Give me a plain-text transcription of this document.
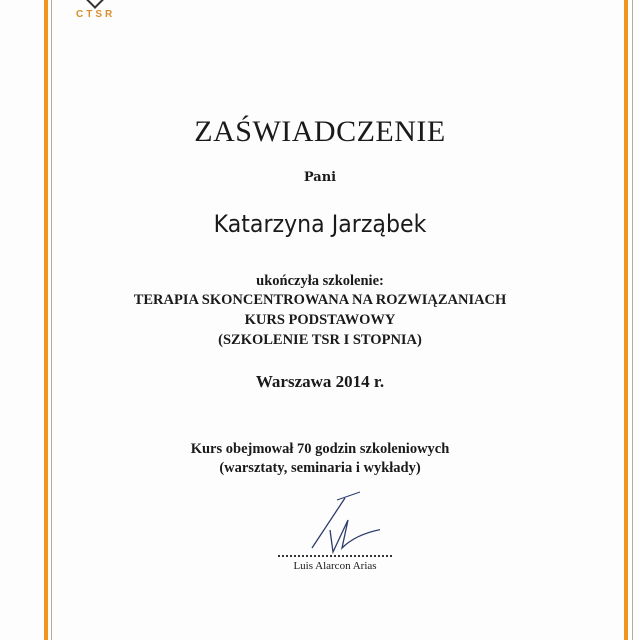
CTSR
ZAŚWIADCZENIE
Pani
Katarzyna Jarząbek
ukończyła szkolenie:
TERAPIA SKONCENTROWANA NA ROZWIĄZANIACH
KURS PODSTAWOWY
(SZKOLENIE TSR I STOPNIA)
Warszawa 2014 r.
Kurs obejmował 70 godzin szkoleniowych
(warsztaty, seminaria i wykłady)
Luis Alarcon Arias
